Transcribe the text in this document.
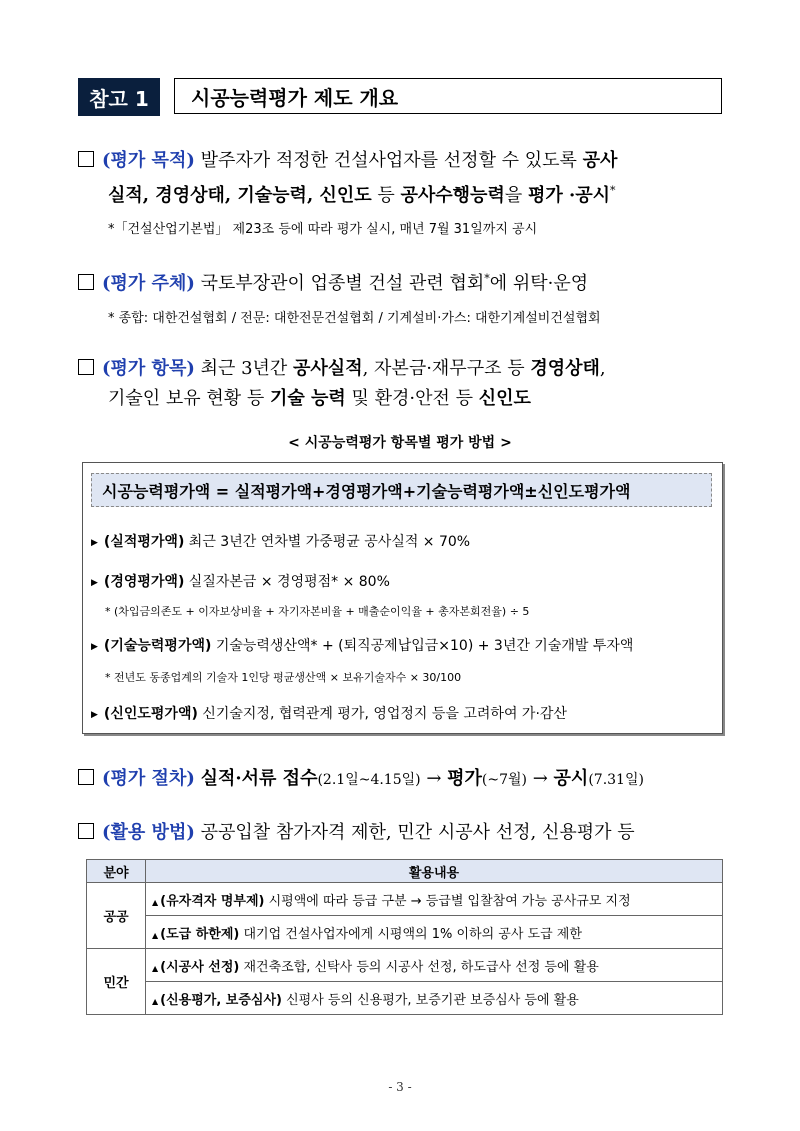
참고 1	시공능력평가 제도 개요
(평가 목적) 발주자가 적정한 건설사업자를 선정할 수 있도록 공사
실적, 경영상태, 기술능력, 신인도 등 공사수행능력을 평가 ·공시*
*「건설산업기본법」 제23조 등에 따라 평가 실시, 매년 7월 31일까지 공시
(평가 주체) 국토부장관이 업종별 건설 관련 협회*에 위탁·운영
* 종합: 대한건설협회 / 전문: 대한전문건설협회 / 기계설비·가스: 대한기계설비건설협회
(평가 항목) 최근 3년간 공사실적, 자본금·재무구조 등 경영상태,
기술인 보유 현황 등 기술 능력 및 환경·안전 등 신인도
< 시공능력평가 항목별 평가 방법 >
시공능력평가액 = 실적평가액+경영평가액+기술능력평가액±신인도평가액
▶ (실적평가액) 최근 3년간 연차별 가중평균 공사실적 × 70%
▶ (경영평가액) 실질자본금 × 경영평점* × 80%
* (차입금의존도 + 이자보상비율 + 자기자본비율 + 매출순이익율 + 총자본회전율) ÷ 5
▶ (기술능력평가액) 기술능력생산액* + (퇴직공제납입금×10) + 3년간 기술개발 투자액
* 전년도 동종업계의 기술자 1인당 평균생산액 × 보유기술자수 × 30/100
▶ (신인도평가액) 신기술지정, 협력관계 평가, 영업정지 등을 고려하여 가·감산
(평가 절차) 실적·서류 접수(2.1일~4.15일) → 평가(~7월) → 공시(7.31일)
(활용 방법) 공공입찰 참가자격 제한, 민간 시공사 선정, 신용평가 등
분야	활용내용
공공	▲ (유자격자 명부제) 시평액에 따라 등급 구분 → 등급별 입찰참여 가능 공사규모 지정
	▲ (도급 하한제) 대기업 건설사업자에게 시평액의 1% 이하의 공사 도급 제한
민간	▲ (시공사 선정) 재건축조합, 신탁사 등의 시공사 선정, 하도급사 선정 등에 활용
	▲ (신용평가, 보증심사) 신평사 등의 신용평가, 보증기관 보증심사 등에 활용
- 3 -
